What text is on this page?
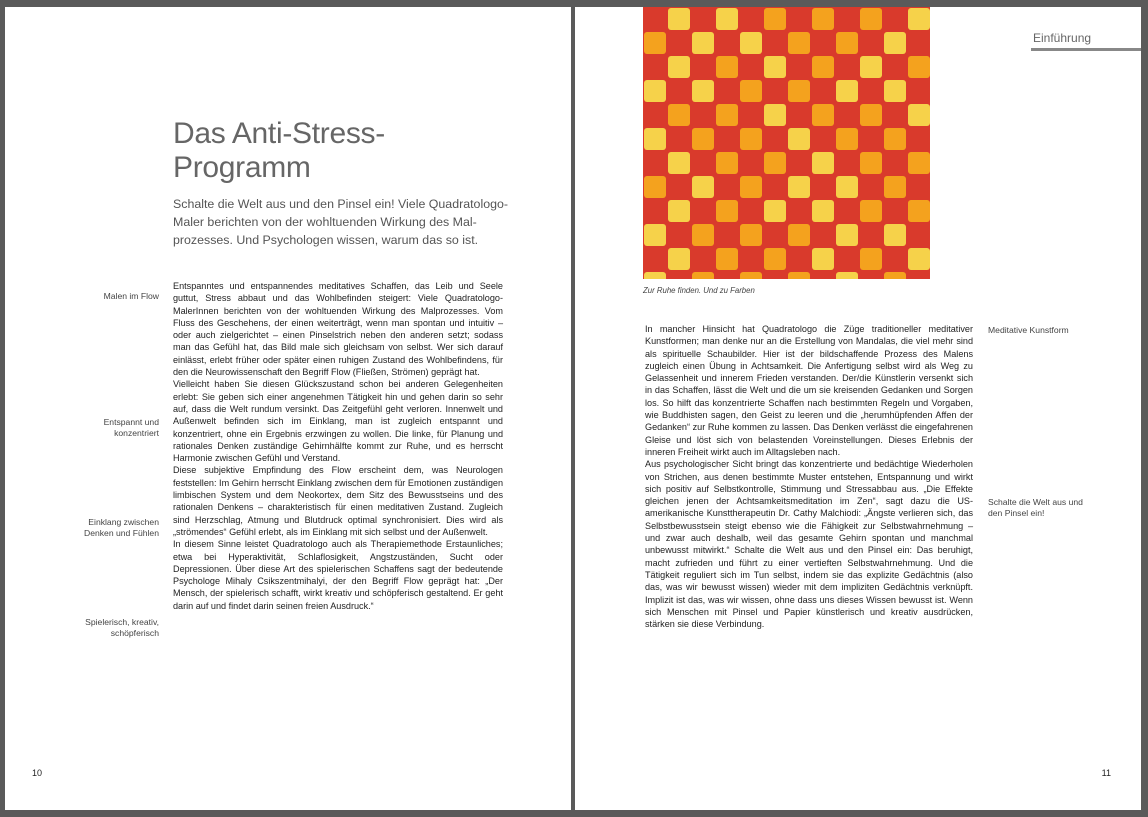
Das Anti-Stress-
Programm

Schalte die Welt aus und den Pinsel ein! Viele Quadratologo-Maler berichten von der wohltuenden Wirkung des Mal-prozesses. Und Psychologen wissen, warum das so ist.

Malen im Flow
Entspannt und konzentriert
Einklang zwischen Denken und Fühlen
Spielerisch, kreativ, schöpferisch

Entspanntes und entspannendes meditatives Schaffen, das Leib und Seele guttut, Stress abbaut und das Wohlbefinden steigert: Viele Quadratologo-MalerInnen berichten von der wohltuenden Wirkung des Malprozesses. Vom Fluss des Geschehens, der einen weiterträgt, wenn man spontan und intuitiv – oder auch zielgerichtet – einen Pinselstrich neben den anderen setzt; sodass man das Gefühl hat, das Bild male sich gleichsam von selbst. Wer sich darauf einlässt, erlebt früher oder später einen ruhigen Zustand des Wohlbefindens, für den die Neurowissenschaft den Begriff Flow (Fließen, Strömen) geprägt hat.

Vielleicht haben Sie diesen Glückszustand schon bei anderen Gelegenheiten erlebt: Sie geben sich einer angenehmen Tätigkeit hin und gehen darin so sehr auf, dass die Welt rundum versinkt. Das Zeitgefühl geht verloren. Innenwelt und Außenwelt befinden sich im Einklang, man ist zugleich entspannt und konzentriert, ohne ein Ergebnis erzwingen zu wollen. Die linke, für Planung und rationales Denken zuständige Gehirnhälfte kommt zur Ruhe, und es herrscht Harmonie zwischen Gefühl und Verstand.

Diese subjektive Empfindung des Flow erscheint dem, was Neurologen feststellen: Im Gehirn herrscht Einklang zwischen dem für Emotionen zuständigen limbischen System und dem Neokortex, dem Sitz des Bewusstseins und des rationalen Denkens – charakteristisch für einen meditativen Zustand. Zugleich sind Herzschlag, Atmung und Blutdruck optimal synchronisiert. Dies wird als „strömendes“ Gefühl erlebt, als im Einklang mit sich selbst und der Außenwelt.

In diesem Sinne leistet Quadratologo auch als Therapiemethode Erstaunliches; etwa bei Hyperaktivität, Schlaflosigkeit, Angstzuständen, Sucht oder Depressionen. Über diese Art des spielerischen Schaffens sagt der bedeutende Psychologe Mihaly Csikszentmihalyi, der den Begriff Flow geprägt hat: „Der Mensch, der spielerisch schafft, wirkt kreativ und schöpferisch gestaltend. Er geht darin auf und findet darin seinen freien Ausdruck.“

10
Zur Ruhe finden. Und zu Farben
Einführung
Meditative Kunstform
Schalte die Welt aus und den Pinsel ein!

In mancher Hinsicht hat Quadratologo die Züge traditioneller meditativer Kunstformen; man denke nur an die Erstellung von Mandalas, die viel mehr sind als spirituelle Schaubilder. Hier ist der bildschaffende Prozess des Malens zugleich einen Übung in Achtsamkeit. Die Anfertigung selbst wird als Weg zu Gelassenheit und innerem Frieden verstanden. Der/die Künstlerin versenkt sich in das Schaffen, lässt die Welt und die um sie kreisenden Gedanken und Sorgen los. So hilft das konzentrierte Schaffen nach bestimmten Regeln und Vorgaben, wie Buddhisten sagen, den Geist zu leeren und die „herumhüpfenden Affen der Gedanken“ zur Ruhe kommen zu lassen. Das Denken verlässt die eingefahrenen Gleise und löst sich von belastenden Voreinstellungen. Dieses Erlebnis der inneren Freiheit wirkt auch im Alltagsleben nach.

Aus psychologischer Sicht bringt das konzentrierte und bedächtige Wiederholen von Strichen, aus denen bestimmte Muster entstehen, Entspannung und wirkt sich positiv auf Selbstkontrolle, Stimmung und Stressabbau aus. „Die Effekte gleichen jenen der Achtsamkeitsmeditation im Zen“, sagt dazu die US-amerikanische Kunsttherapeutin Dr. Cathy Malchiodi: „Ängste verlieren sich, das Selbstbewusstsein steigt ebenso wie die Fähigkeit zur Selbstwahrnehmung – und zwar auch deshalb, weil das gesamte Gehirn spontan und manchmal unbewusst mitwirkt.“ Schalte die Welt aus und den Pinsel ein: Das beruhigt, macht zufrieden und führt zu einer vertieften Selbstwahrnehmung. Und die Tätigkeit reguliert sich im Tun selbst, indem sie das explizite Gedächtnis (also das, was wir bewusst wissen) wieder mit dem impliziten Gedächtnis verknüpft. Implizit ist das, was wir wissen, ohne dass uns dieses Wissen bewusst ist. Wenn sich Menschen mit Pinsel und Papier künstlerisch und kreativ ausdrücken, stärken sie diese Verbindung.

11
